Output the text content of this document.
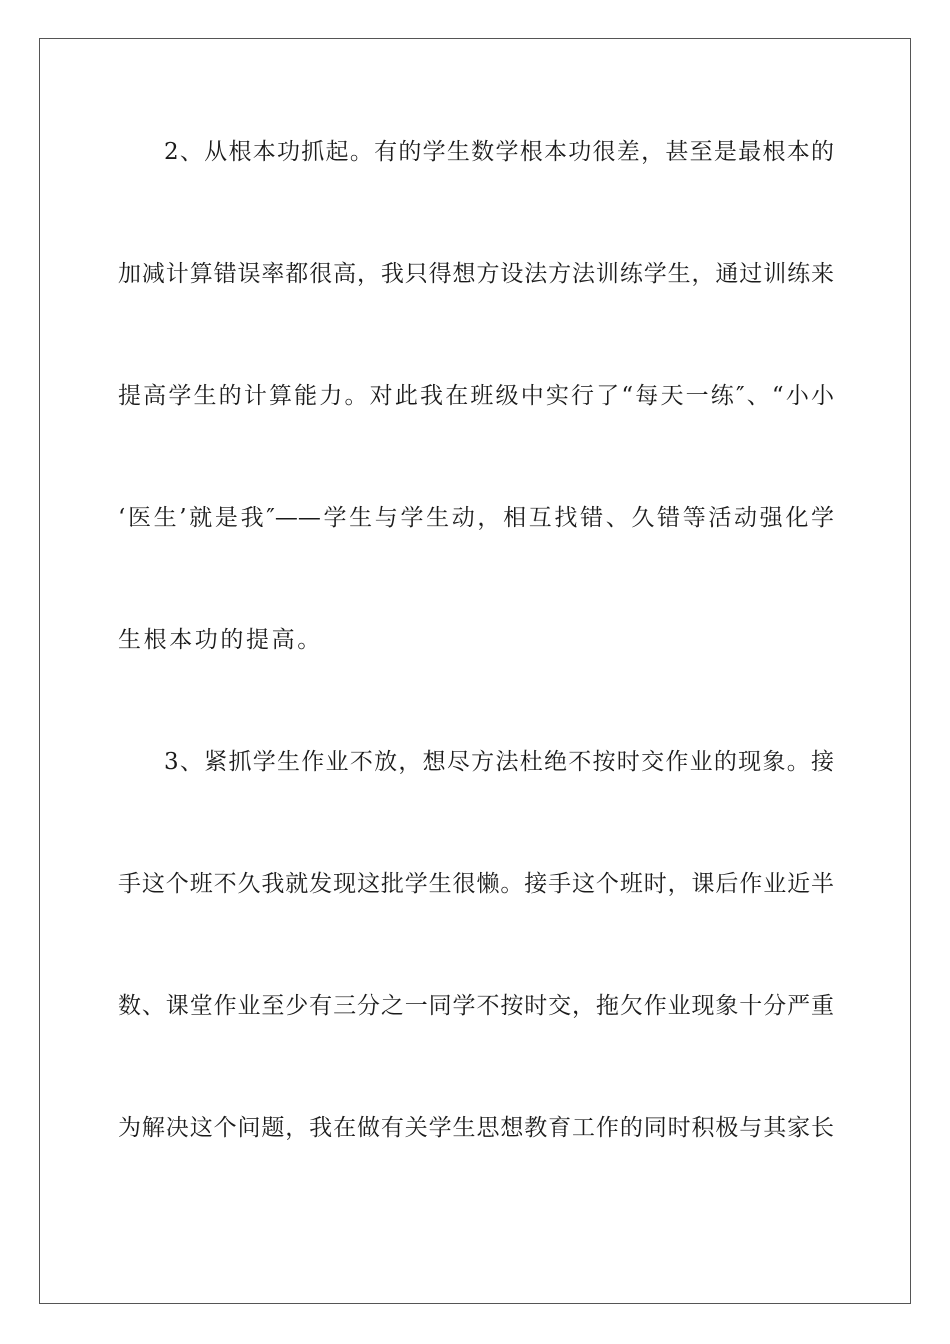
2、从根本功抓起。有的学生数学根本功很差，甚至是最根本的
加减计算错误率都很高，我只得想方设法方法训练学生，通过训练来
提高学生的计算能力。对此我在班级中实行了“每天一练″、“小小
‘医生’就是我″——学生与学生动，相互找错、久错等活动强化学
生根本功的提高。
3、紧抓学生作业不放，想尽方法杜绝不按时交作业的现象。接
手这个班不久我就发现这批学生很懒。接手这个班时，课后作业近半
数、课堂作业至少有三分之一同学不按时交，拖欠作业现象十分严重
为解决这个问题，我在做有关学生思想教育工作的同时积极与其家长
